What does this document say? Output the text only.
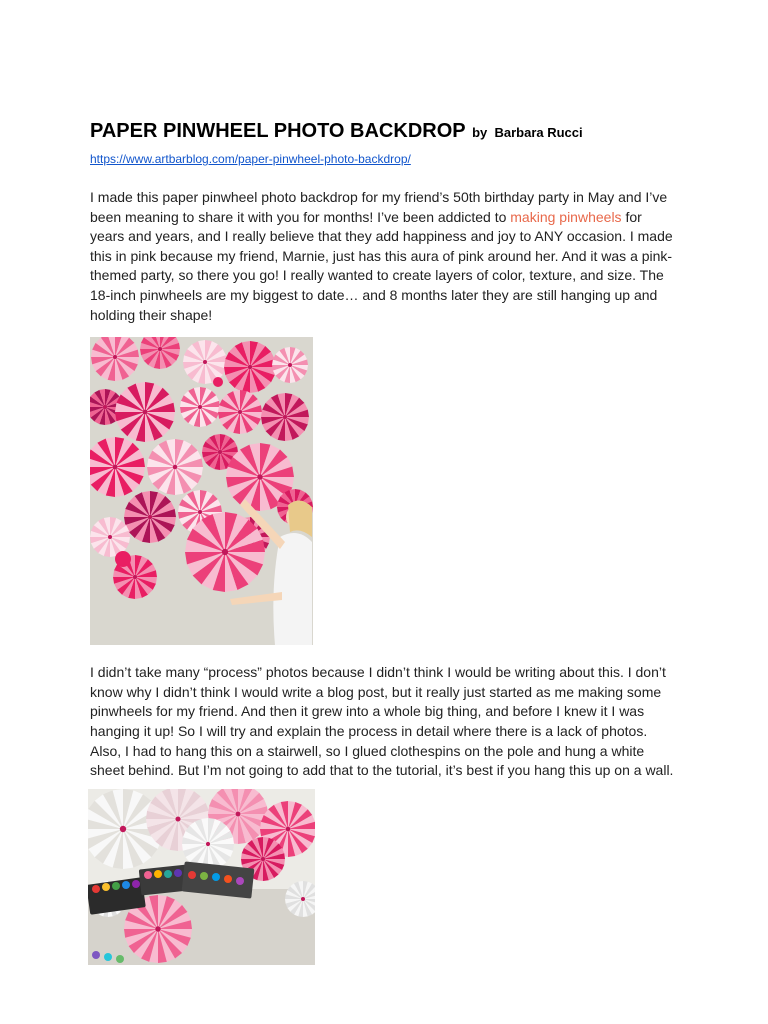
PAPER PINWHEEL PHOTO BACKDROP by Barbara Rucci

https://www.artbarblog.com/paper-pinwheel-photo-backdrop/

I made this paper pinwheel photo backdrop for my friend’s 50th birthday party in May and I’ve been meaning to share it with you for months! I’ve been addicted to making pinwheels for years and years, and I really believe that they add happiness and joy to ANY occasion. I made this in pink because my friend, Marnie, just has this aura of pink around her. And it was a pink-themed party, so there you go! I really wanted to create layers of color, texture, and size. The 18-inch pinwheels are my biggest to date… and 8 months later they are still hanging up and holding their shape!

I didn’t take many “process” photos because I didn’t think I would be writing about this. I don’t know why I didn’t think I would write a blog post, but it really just started as me making some pinwheels for my friend. And then it grew into a whole big thing, and before I knew it I was hanging it up! So I will try and explain the process in detail where there is a lack of photos.

Also, I had to hang this on a stairwell, so I glued clothespins on the pole and hung a white sheet behind. But I’m not going to add that to the tutorial, it’s best if you hang this up on a wall.
